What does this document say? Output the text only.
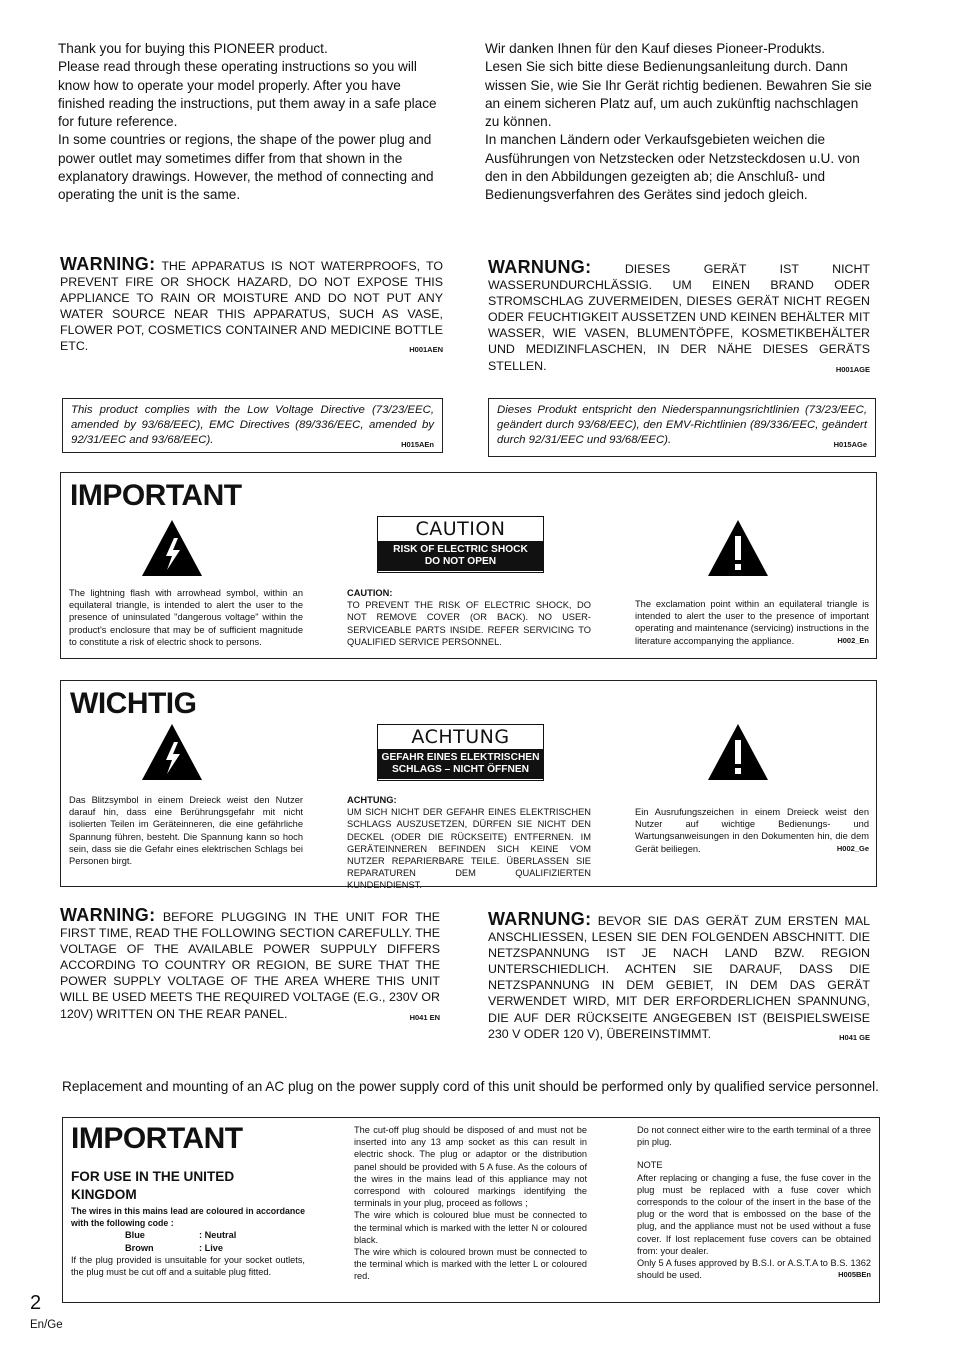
Thank you for buying this PIONEER product.
Please read through these operating instructions so you will know how to operate your model properly. After you have finished reading the instructions, put them away in a safe place for future reference.
In some countries or regions, the shape of the power plug and power outlet may sometimes differ from that shown in the explanatory drawings. However, the method of connecting and operating the unit is the same.
Wir danken Ihnen für den Kauf dieses Pioneer-Produkts.
Lesen Sie sich bitte diese Bedienungsanleitung durch. Dann wissen Sie, wie Sie Ihr Gerät richtig bedienen. Bewahren Sie sie an einem sicheren Platz auf, um auch zukünftig nachschlagen zu können.
In manchen Ländern oder Verkaufsgebieten weichen die Ausführungen von Netzstecken oder Netzsteckdosen u.U. von den in den Abbildungen gezeigten ab; die Anschluß- und Bedienungsverfahren des Gerätes sind jedoch gleich.
WARNING: THE APPARATUS IS NOT WATERPROOFS, TO PREVENT FIRE OR SHOCK HAZARD, DO NOT EXPOSE THIS APPLIANCE TO RAIN OR MOISTURE AND DO NOT PUT ANY WATER SOURCE NEAR THIS APPARATUS, SUCH AS VASE, FLOWER POT, COSMETICS CONTAINER AND MEDICINE BOTTLE ETC.	H001AEN
WARNUNG:	DIESES GERÄT IST NICHT WASSERUNDURCHLÄSSIG. UM EINEN BRAND ODER STROMSCHLAG ZUVERMEIDEN, DIESES GERÄT NICHT REGEN ODER FEUCHTIGKEIT AUSSETZEN UND KEINEN BEHÄLTER MIT WASSER, WIE VASEN, BLUMENTÖPFE, KOSMETIKBEHÄLTER UND MEDIZINFLASCHEN, IN DER NÄHE DIESES GERÄTS STELLEN.	H001AGE
This product complies with the Low Voltage Directive (73/23/EEC, amended by 93/68/EEC), EMC Directives (89/336/EEC, amended by 92/31/EEC and 93/68/EEC).	H015AEn
Dieses Produkt entspricht den Niederspannungsrichtlinien (73/23/EEC, geändert durch 93/68/EEC), den EMV-Richtlinien (89/336/EEC, geändert durch 92/31/EEC und 93/68/EEC).	H015AGe
IMPORTANT
CAUTION
RISK OF ELECTRIC SHOCK
DO NOT OPEN
The lightning flash with arrowhead symbol, within an equilateral triangle, is intended to alert the user to the presence of uninsulated "dangerous voltage" within the product's enclosure that may be of sufficient magnitude to constitute a risk of electric shock to persons.
CAUTION:
TO PREVENT THE RISK OF ELECTRIC SHOCK, DO NOT REMOVE COVER (OR BACK). NO USER-SERVICEABLE PARTS INSIDE. REFER SERVICING TO QUALIFIED SERVICE PERSONNEL.
The exclamation point within an equilateral triangle is intended to alert the user to the presence of important operating and maintenance (servicing) instructions in the literature accompanying the appliance.	H002_En
WICHTIG
ACHTUNG
GEFAHR EINES ELEKTRISCHEN
SCHLAGS – NICHT ÖFFNEN
Das Blitzsymbol in einem Dreieck weist den Nutzer darauf hin, dass eine Berührungsgefahr mit nicht isolierten Teilen im Geräteinneren, die eine gefährliche Spannung führen, besteht. Die Spannung kann so hoch sein, dass sie die Gefahr eines elektrischen Schlags bei Personen birgt.
ACHTUNG:
UM SICH NICHT DER GEFAHR EINES ELEKTRISCHEN SCHLAGS AUSZUSETZEN, DÜRFEN SIE NICHT DEN DECKEL (ODER DIE RÜCKSEITE) ENTFERNEN. IM GERÄTEINNEREN BEFINDEN SICH KEINE VOM NUTZER REPARIERBARE TEILE. ÜBERLASSEN SIE REPARATUREN DEM QUALIFIZIERTEN KUNDENDIENST.
Ein Ausrufungszeichen in einem Dreieck weist den Nutzer auf wichtige Bedienungs- und Wartungsanweisungen in den Dokumenten hin, die dem Gerät beiliegen.	H002_Ge
WARNING: BEFORE PLUGGING IN THE UNIT FOR THE FIRST TIME, READ THE FOLLOWING SECTION CAREFULLY. THE VOLTAGE OF THE AVAILABLE POWER SUPPULY DIFFERS ACCORDING TO COUNTRY OR REGION, BE SURE THAT THE POWER SUPPLY VOLTAGE OF THE AREA WHERE THIS UNIT WILL BE USED MEETS THE REQUIRED VOLTAGE (E.G., 230V OR 120V) WRITTEN ON THE REAR PANEL.	H041 EN
WARNUNG: BEVOR SIE DAS GERÄT ZUM ERSTEN MAL ANSCHLIESSEN, LESEN SIE DEN FOLGENDEN ABSCHNITT. DIE NETZSPANNUNG IST JE NACH LAND BZW. REGION UNTERSCHIEDLICH. ACHTEN SIE DARAUF, DASS DIE NETZSPANNUNG IN DEM GEBIET, IN DEM DAS GERÄT VERWENDET WIRD, MIT DER ERFORDERLICHEN SPANNUNG, DIE AUF DER RÜCKSEITE ANGEGEBEN IST (BEISPIELSWEISE 230 V ODER 120 V), ÜBEREINSTIMMT.	H041 GE
Replacement and mounting of an AC plug on the power supply cord of this unit should be performed only by qualified service personnel.
IMPORTANT
FOR USE IN THE UNITED KINGDOM
The wires in this mains lead are coloured in accordance with the following code :
Blue	: Neutral
Brown	: Live
If the plug provided is unsuitable for your socket outlets, the plug must be cut off and a suitable plug fitted.
The cut-off plug should be disposed of and must not be inserted into any 13 amp socket as this can result in electric shock. The plug or adaptor or the distribution panel should be provided with 5 A fuse. As the colours of the wires in the mains lead of this appliance may not correspond with coloured markings identifying the terminals in your plug, proceed as follows ;
The wire which is coloured blue must be connected to the terminal which is marked with the letter N or coloured black.
The wire which is coloured brown must be connected to the terminal which is marked with the letter L or coloured red.
Do not connect either wire to the earth terminal of a three pin plug.
NOTE
After replacing or changing a fuse, the fuse cover in the plug must be replaced with a fuse cover which corresponds to the colour of the insert in the base of the plug or the word that is embossed on the base of the plug, and the appliance must not be used without a fuse cover. If lost replacement fuse covers can be obtained from: your dealer.
Only 5 A fuses approved by B.S.I. or A.S.T.A to B.S. 1362 should be used.	H005BEn
2
En/Ge
